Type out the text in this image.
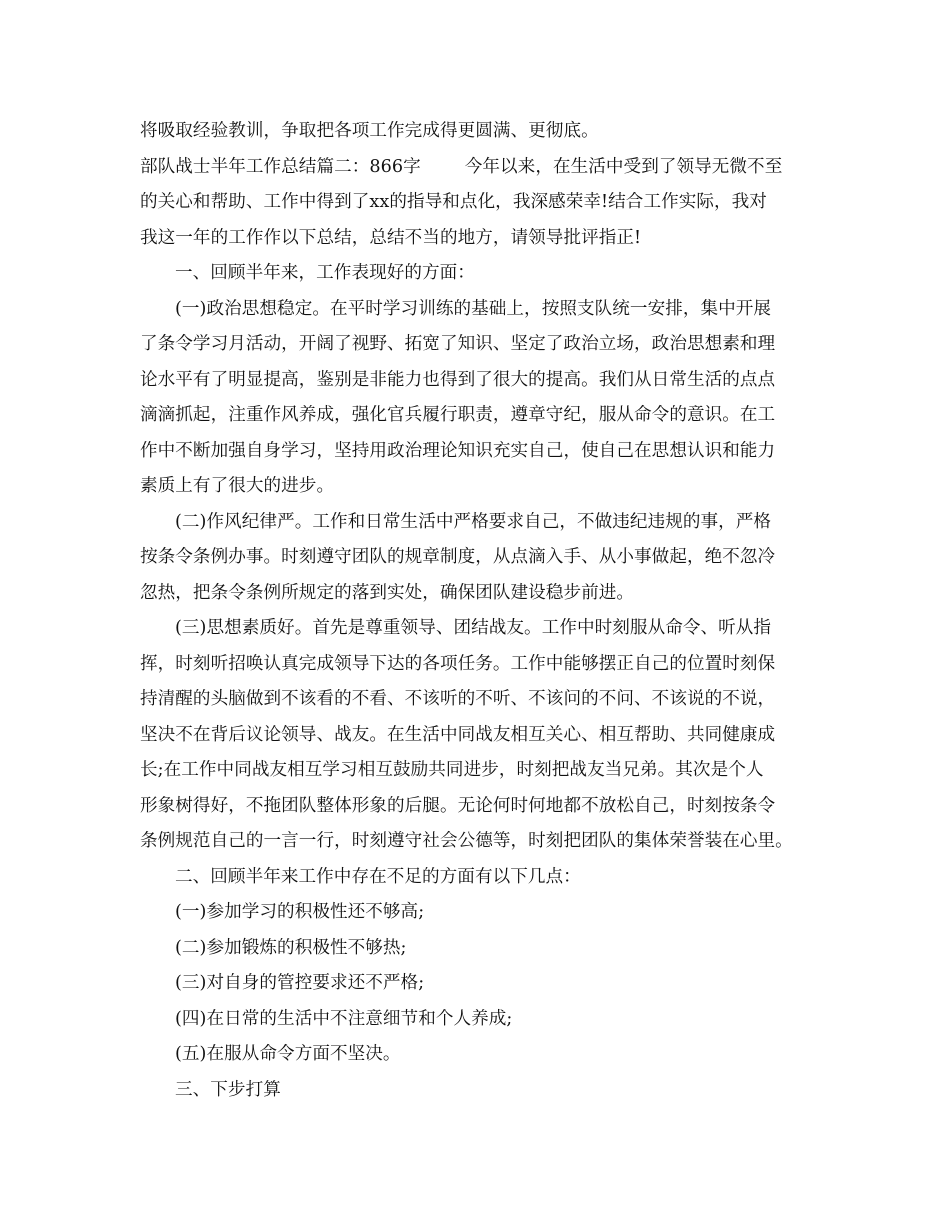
将吸取经验教训，争取把各项工作完成得更圆满、更彻底。
部队战士半年工作总结篇二：866字	今年以来，在生活中受到了领导无微不至
的关心和帮助、工作中得到了xx的指导和点化，我深感荣幸!结合工作实际，我对
我这一年的工作作以下总结，总结不当的地方，请领导批评指正!
一、回顾半年来，工作表现好的方面：
(一)政治思想稳定。在平时学习训练的基础上，按照支队统一安排，集中开展
了条令学习月活动，开阔了视野、拓宽了知识、坚定了政治立场，政治思想素和理
论水平有了明显提高，鉴别是非能力也得到了很大的提高。我们从日常生活的点点
滴滴抓起，注重作风养成，强化官兵履行职责，遵章守纪，服从命令的意识。在工
作中不断加强自身学习，坚持用政治理论知识充实自己，使自己在思想认识和能力
素质上有了很大的进步。
(二)作风纪律严。工作和日常生活中严格要求自己，不做违纪违规的事，严格
按条令条例办事。时刻遵守团队的规章制度，从点滴入手、从小事做起，绝不忽冷
忽热，把条令条例所规定的落到实处，确保团队建设稳步前进。
(三)思想素质好。首先是尊重领导、团结战友。工作中时刻服从命令、听从指
挥，时刻听招唤认真完成领导下达的各项任务。工作中能够摆正自己的位置时刻保
持清醒的头脑做到不该看的不看、不该听的不听、不该问的不问、不该说的不说，
坚决不在背后议论领导、战友。在生活中同战友相互关心、相互帮助、共同健康成
长;在工作中同战友相互学习相互鼓励共同进步，时刻把战友当兄弟。其次是个人
形象树得好，不拖团队整体形象的后腿。无论何时何地都不放松自己，时刻按条令
条例规范自己的一言一行，时刻遵守社会公德等，时刻把团队的集体荣誉装在心里。
二、回顾半年来工作中存在不足的方面有以下几点：
(一)参加学习的积极性还不够高;
(二)参加锻炼的积极性不够热;
(三)对自身的管控要求还不严格;
(四)在日常的生活中不注意细节和个人养成;
(五)在服从命令方面不坚决。
三、下步打算
